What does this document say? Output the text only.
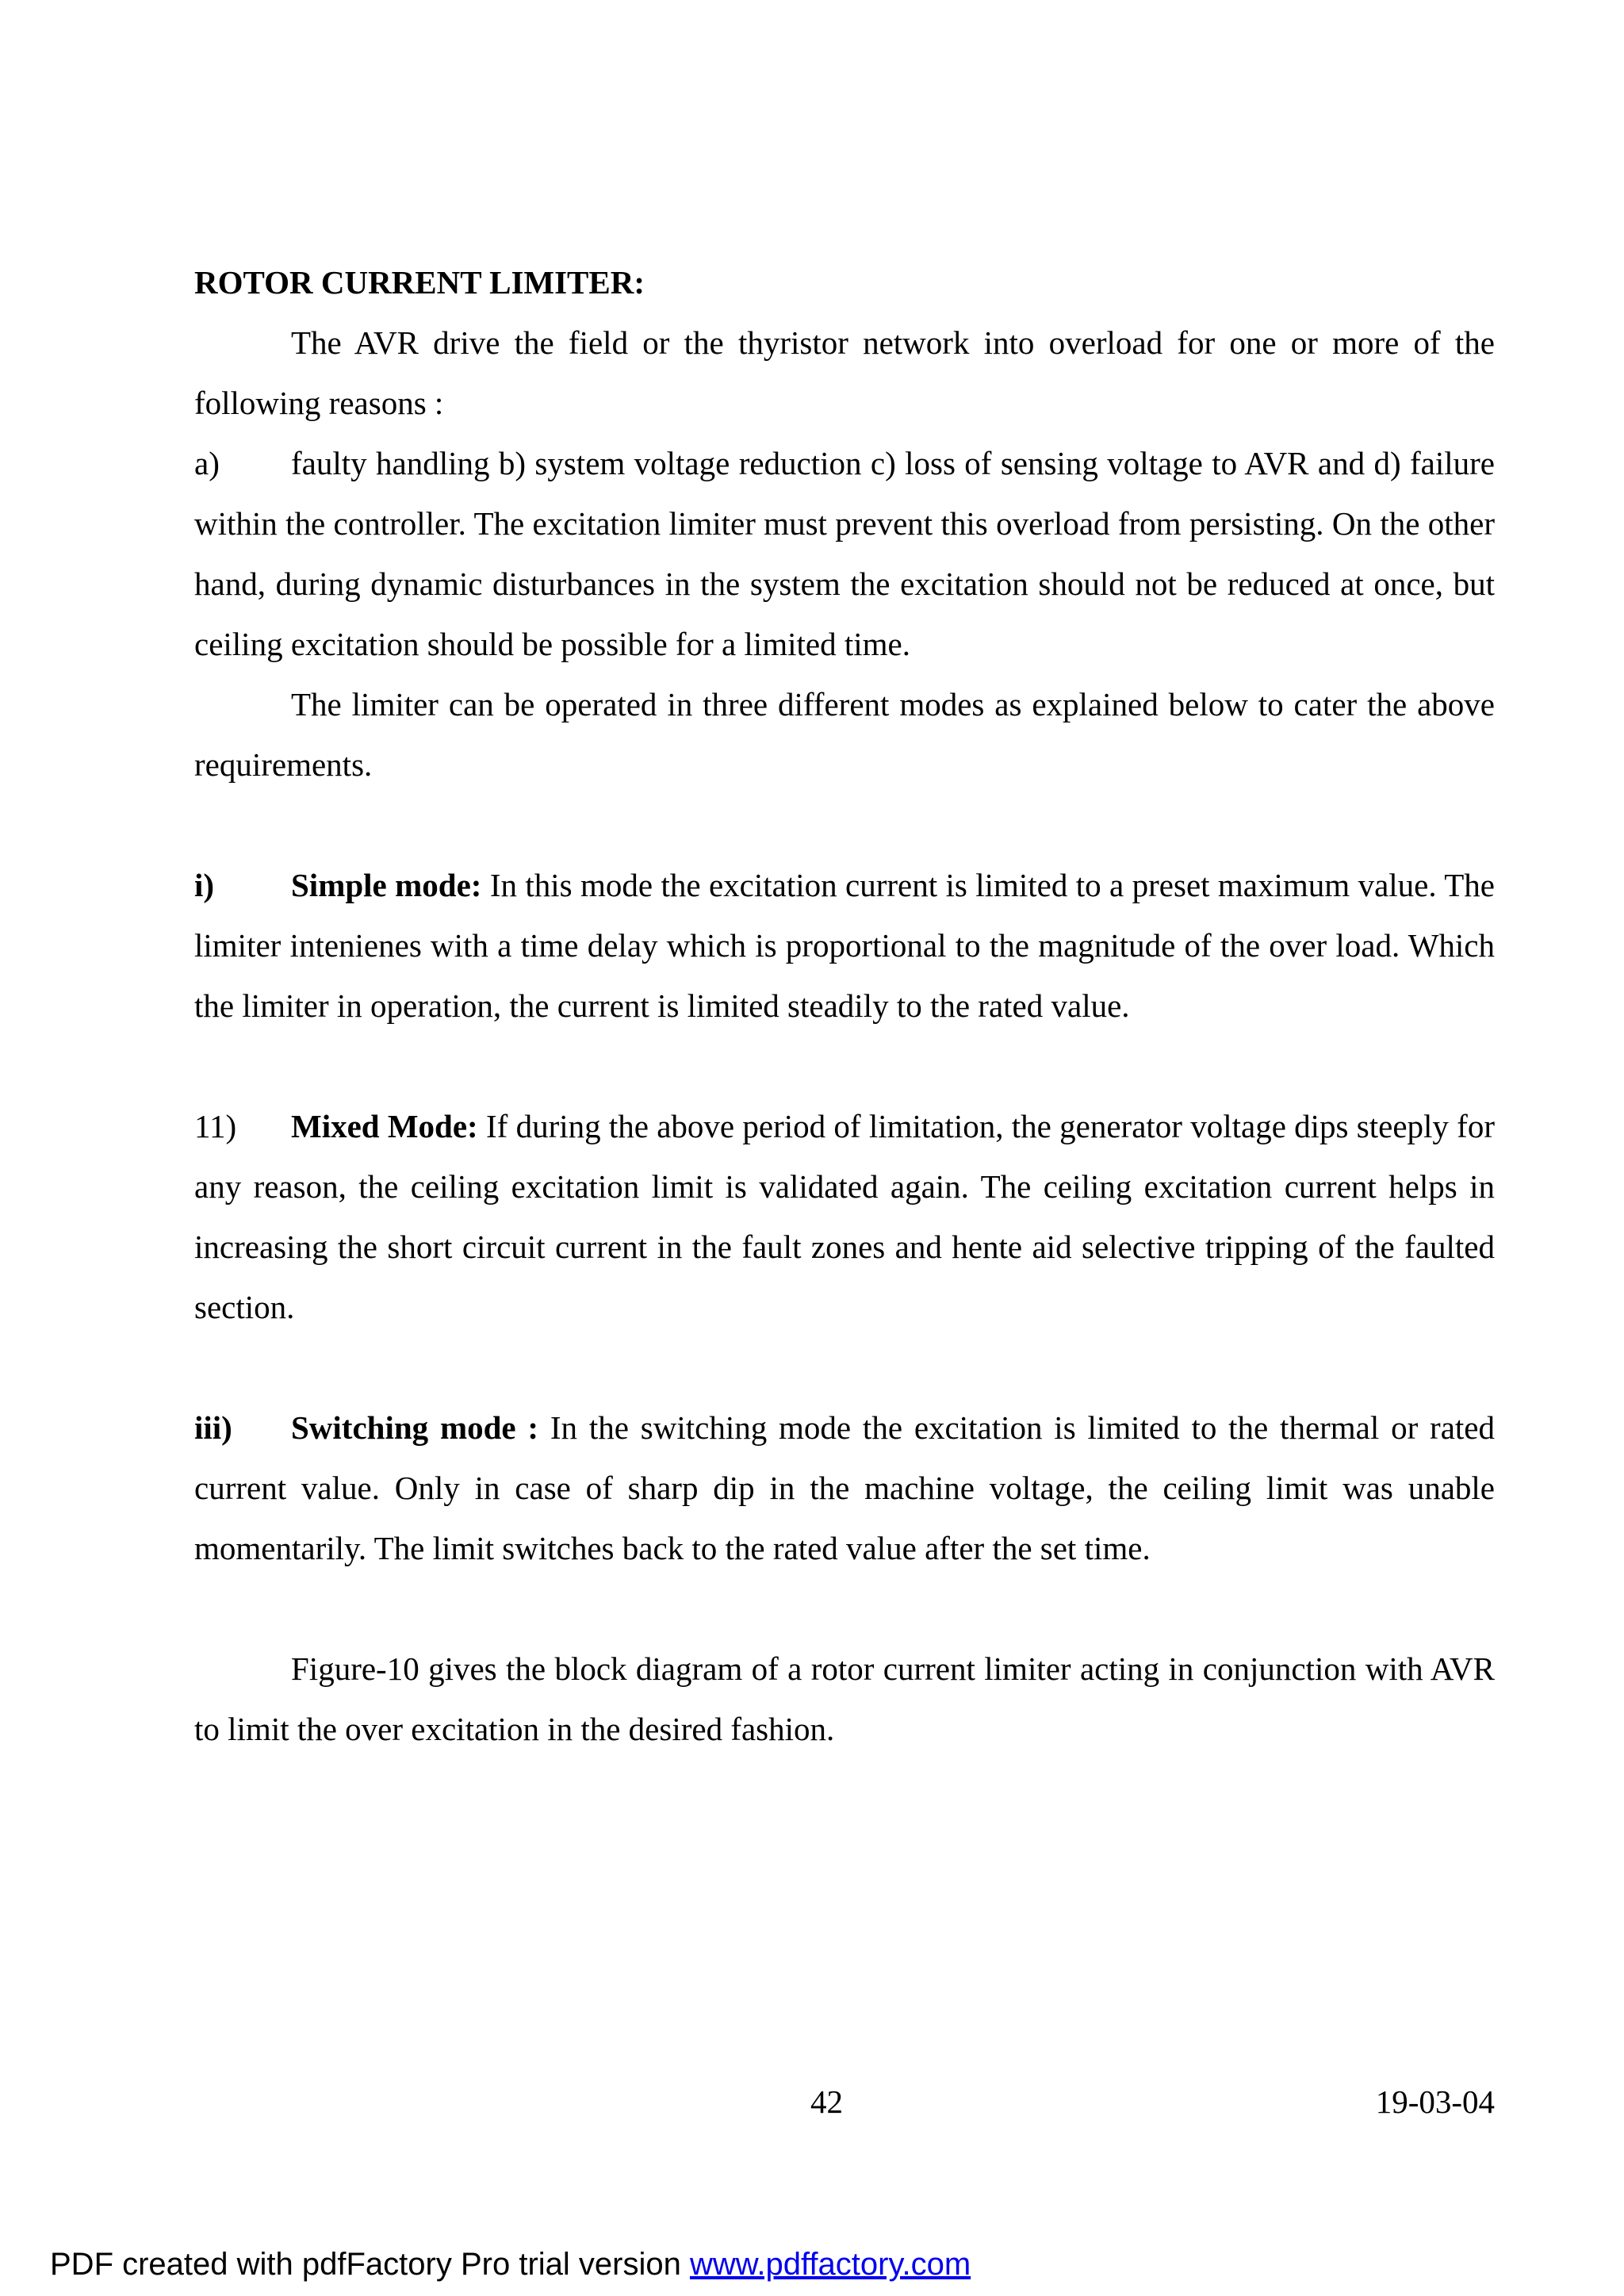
ROTOR CURRENT LIMITER:

The AVR drive the field or the thyristor network into overload for one or more of the following reasons :

a) faulty handling b) system voltage reduction c) loss of sensing voltage to AVR and d) failure within the controller. The excitation limiter must prevent this overload from persisting. On the other hand, during dynamic disturbances in the system the excitation should not be reduced at once, but ceiling excitation should be possible for a limited time.

The limiter can be operated in three different modes as explained below to cater the above requirements.

i) Simple mode: In this mode the excitation current is limited to a preset maximum value. The limiter intenienes with a time delay which is proportional to the magnitude of the over load. Which the limiter in operation, the current is limited steadily to the rated value.

11) Mixed Mode: If during the above period of limitation, the generator voltage dips steeply for any reason, the ceiling excitation limit is validated again. The ceiling excitation current helps in increasing the short circuit current in the fault zones and hente aid selective tripping of the faulted section.

iii) Switching mode : In the switching mode the excitation is limited to the thermal or rated current value. Only in case of sharp dip in the machine voltage, the ceiling limit was unable momentarily. The limit switches back to the rated value after the set time.

Figure-10 gives the block diagram of a rotor current limiter acting in conjunction with AVR to limit the over excitation in the desired fashion.

42	19-03-04
PDF created with pdfFactory Pro trial version www.pdffactory.com
